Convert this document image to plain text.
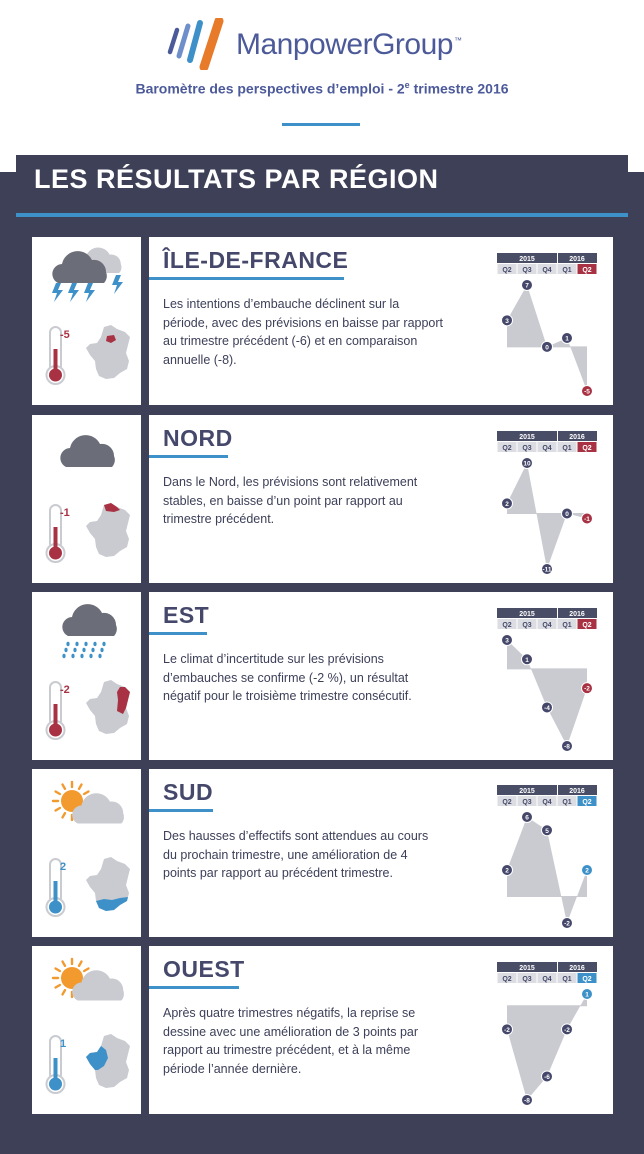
ManpowerGroup™
Baromètre des perspectives d’emploi - 2e trimestre 2016
LES RÉSULTATS PAR RÉGION
-5
ÎLE-DE-FRANCE
Les intentions d’embauche déclinent sur la
période, avec des prévisions en baisse par rapport
au trimestre précédent (-6) et en comparaison
annuelle (-8).
2015	2016
Q2 Q3 Q4 Q1 Q2
3
7
0
1
-5
-1
NORD
Dans le Nord, les prévisions sont relativement
stables, en baisse d’un point par rapport au
trimestre précédent.
2015	2016
Q2 Q3 Q4 Q1 Q2
2
10
-11
0
-1
-2
EST
Le climat d’incertitude sur les prévisions
d’embauches se confirme (-2 %), un résultat
négatif pour le troisième trimestre consécutif.
2015	2016
Q2 Q3 Q4 Q1 Q2
3
1
-4
-8
-2
2
SUD
Des hausses d’effectifs sont attendues au cours
du prochain trimestre, une amélioration de 4
points par rapport au précédent trimestre.
2015	2016
Q2 Q3 Q4 Q1 Q2
2
6
5
-2
2
1
OUEST
Après quatre trimestres négatifs, la reprise se
dessine avec une amélioration de 3 points par
rapport au trimestre précédent, et à la même
période l’année dernière.
2015	2016
Q2 Q3 Q4 Q1 Q2
-2
-8
-6
-2
1
